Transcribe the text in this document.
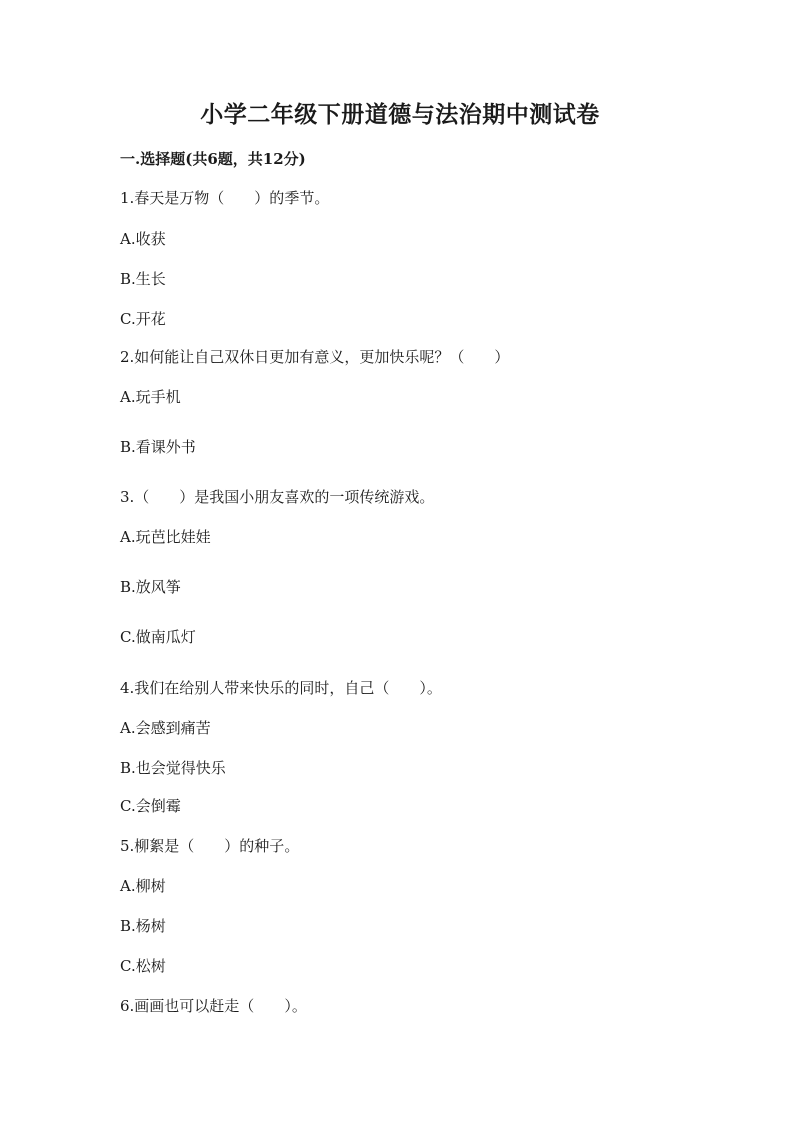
小学二年级下册道德与法治期中测试卷
一.选择题(共6题，共12分)
1.春天是万物（　　）的季节。
A.收获
B.生长
C.开花
2.如何能让自己双休日更加有意义，更加快乐呢？（　　）
A.玩手机
B.看课外书
3.（　　）是我国小朋友喜欢的一项传统游戏。
A.玩芭比娃娃
B.放风筝
C.做南瓜灯
4.我们在给别人带来快乐的同时，自己（　　）。
A.会感到痛苦
B.也会觉得快乐
C.会倒霉
5.柳絮是（　　）的种子。
A.柳树
B.杨树
C.松树
6.画画也可以赶走（　　）。
